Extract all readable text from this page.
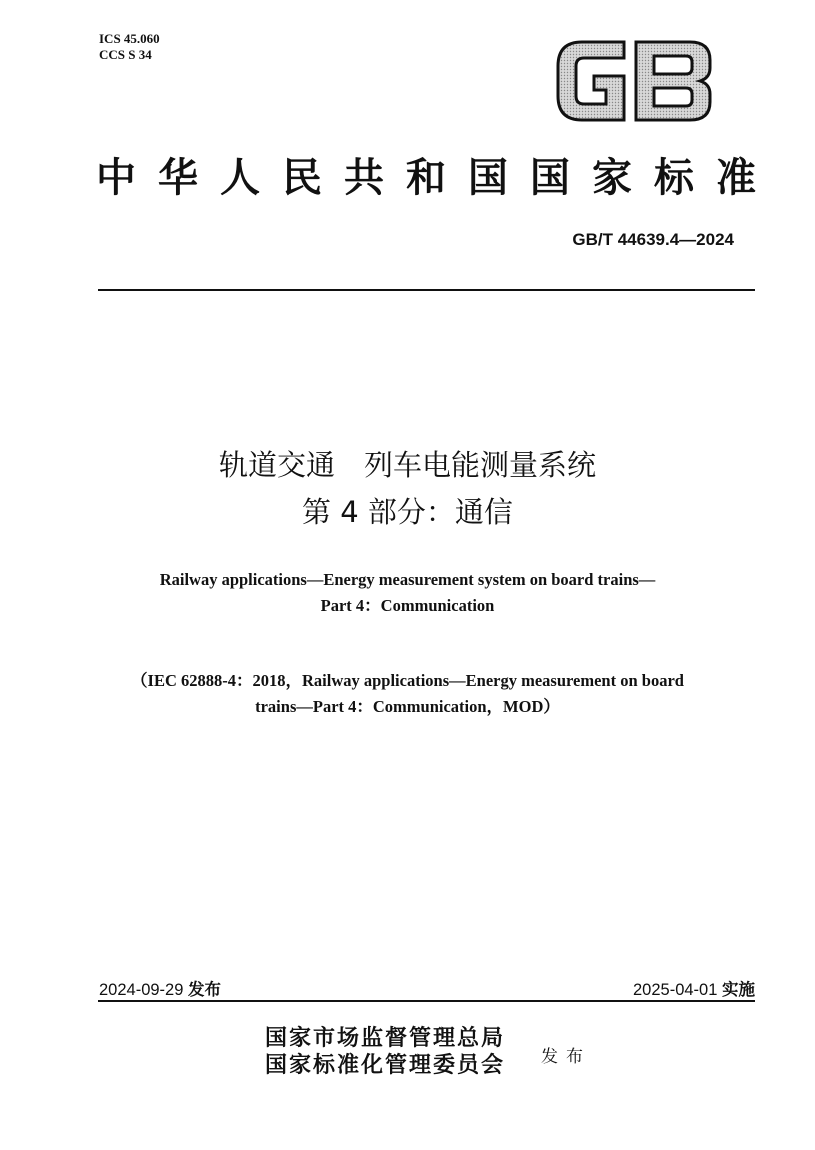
ICS 45.060
CCS S 34
中 华 人 民 共 和 国 国 家 标 准
GB/T 44639.4—2024
轨道交通　列车电能测量系统
第 4 部分：通信
Railway applications—Energy measurement system on board trains—
Part 4：Communication
（IEC 62888-4：2018，Railway applications—Energy measurement on board
trains—Part 4：Communication，MOD）
2024-09-29 发布	2025-04-01 实施
国家市场监督管理总局
国家标准化管理委员会 发布
